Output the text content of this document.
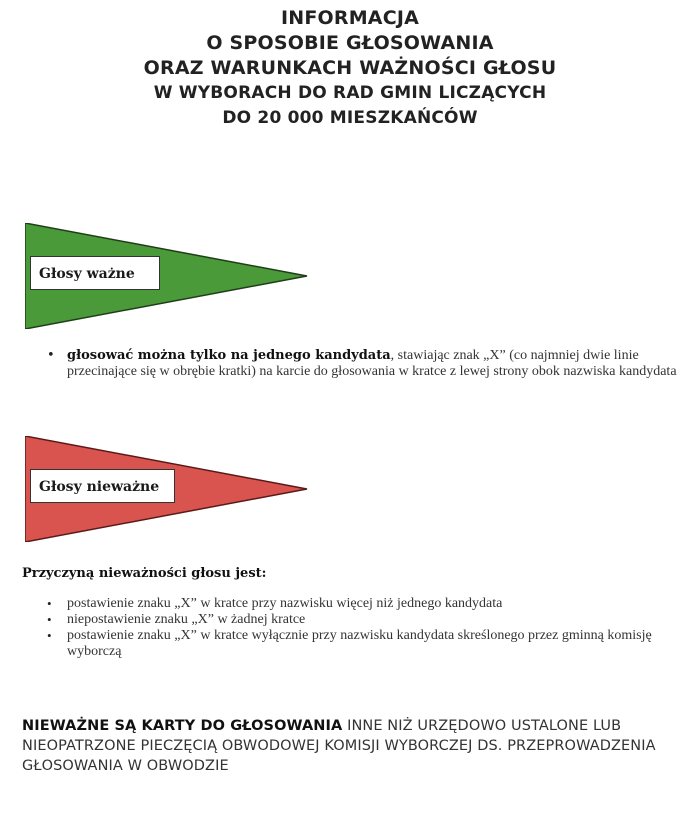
INFORMACJA
O SPOSOBIE GŁOSOWANIA
ORAZ WARUNKACH WAŻNOŚCI GŁOSU
W WYBORACH DO RAD GMIN LICZĄCYCH
DO 20 000 MIESZKAŃCÓW
Głosy ważne
• głosować można tylko na jednego kandydata, stawiając znak „X” (co najmniej dwie linie przecinające się w obrębie kratki) na karcie do głosowania w kratce z lewej strony obok nazwiska kandydata
Głosy nieważne
Przyczyną nieważności głosu jest:
• postawienie znaku „X” w kratce przy nazwisku więcej niż jednego kandydata
• niepostawienie znaku „X” w żadnej kratce
• postawienie znaku „X” w kratce wyłącznie przy nazwisku kandydata skreślonego przez gminną komisję wyborczą
NIEWAŻNE SĄ KARTY DO GŁOSOWANIA INNE NIŻ URZĘDOWO USTALONE LUB NIEOPATRZONE PIECZĘCIĄ OBWODOWEJ KOMISJI WYBORCZEJ DS. PRZEPROWADZENIA GŁOSOWANIA W OBWODZIE
